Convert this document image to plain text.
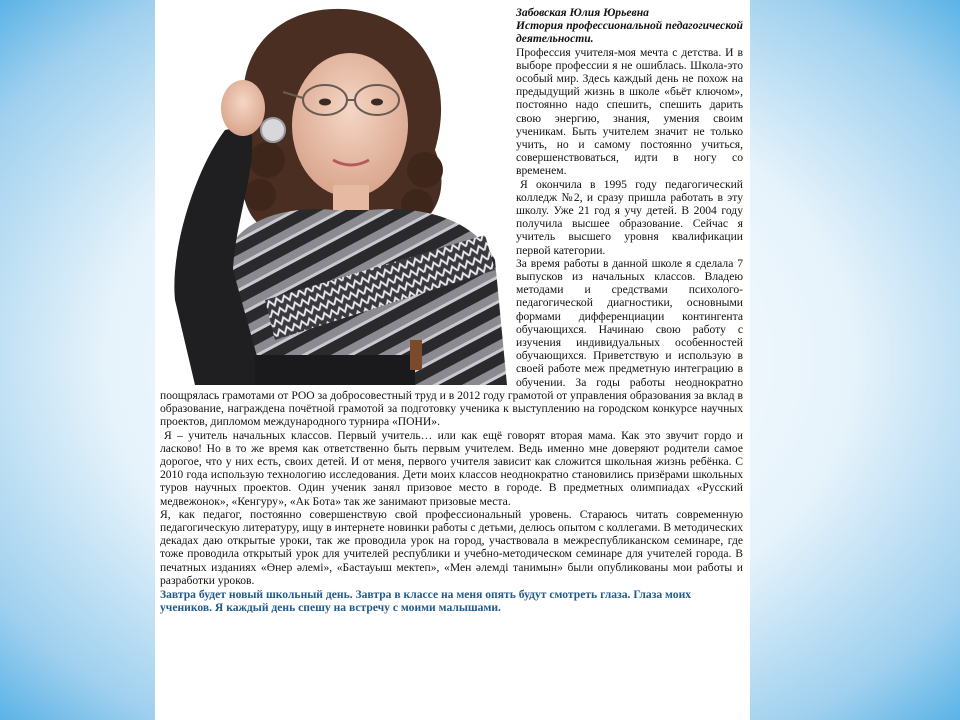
Забовская Юлия Юрьевна

История профессиональной педагогической деятельности.

Профессия учителя-моя мечта с детства. И в выборе профессии я не ошиблась. Школа-это особый мир. Здесь каждый день не похож на предыдущий жизнь в школе «бьёт ключом», постоянно надо спешить, спешить дарить свою энергию, знания, умения своим ученикам. Быть учителем значит не только учить, но и самому постоянно учиться, совершенствоваться, идти в ногу со временем.

Я окончила в 1995 году педагогический колледж №2, и сразу пришла работать в эту школу. Уже 21 год я учу детей. В 2004 году получила высшее образование. Сейчас я учитель высшего уровня квалификации первой категории.

За время работы в данной школе я сделала 7 выпусков из начальных классов. Владею методами и средствами психолого-педагогической диагностики, основными формами дифференциации контингента обучающихся. Начинаю свою работу с изучения индивидуальных особенностей обучающихся. Приветствую и использую в своей работе меж предметную интеграцию в обучении. За годы работы неоднократно поощрялась грамотами от РОО за добросовестный труд и в 2012 году грамотой от управления образования за вклад в образование, награждена почётной грамотой за подготовку ученика к выступлению на городском конкурсе научных проектов, дипломом международного турнира «ПОНИ».

Я – учитель начальных классов. Первый учитель… или как ещё говорят вторая мама. Как это звучит гордо и ласково! Но в то же время как ответственно быть первым учителем. Ведь именно мне доверяют родители самое дорогое, что у них есть, своих детей. И от меня, первого учителя зависит как сложится школьная жизнь ребёнка. С 2010 года использую технологию исследования. Дети моих классов неоднократно становились призёрами школьных туров научных проектов. Один ученик занял призовое место в городе. В предметных олимпиадах «Русский медвежонок», «Кенгуру», «Ак Бота» так же занимают призовые места.

Я, как педагог, постоянно совершенствую свой профессиональный уровень. Стараюсь читать современную педагогическую литературу, ищу в интернете новинки работы с детьми, делюсь опытом с коллегами. В методических декадах даю открытые уроки, так же проводила урок на город, участвовала в межреспубликанском семинаре, где тоже проводила открытый урок для учителей республики и учебно-методическом семинаре для учителей города. В печатных изданиях «Өнер әлемі», «Бастауыш мектеп», «Мен әлемді танимын» были опубликованы мои работы и разработки уроков.

Завтра будет новый школьный день. Завтра в классе на меня опять будут смотреть глаза. Глаза моих учеников. Я каждый день спешу на встречу с моими малышами.
